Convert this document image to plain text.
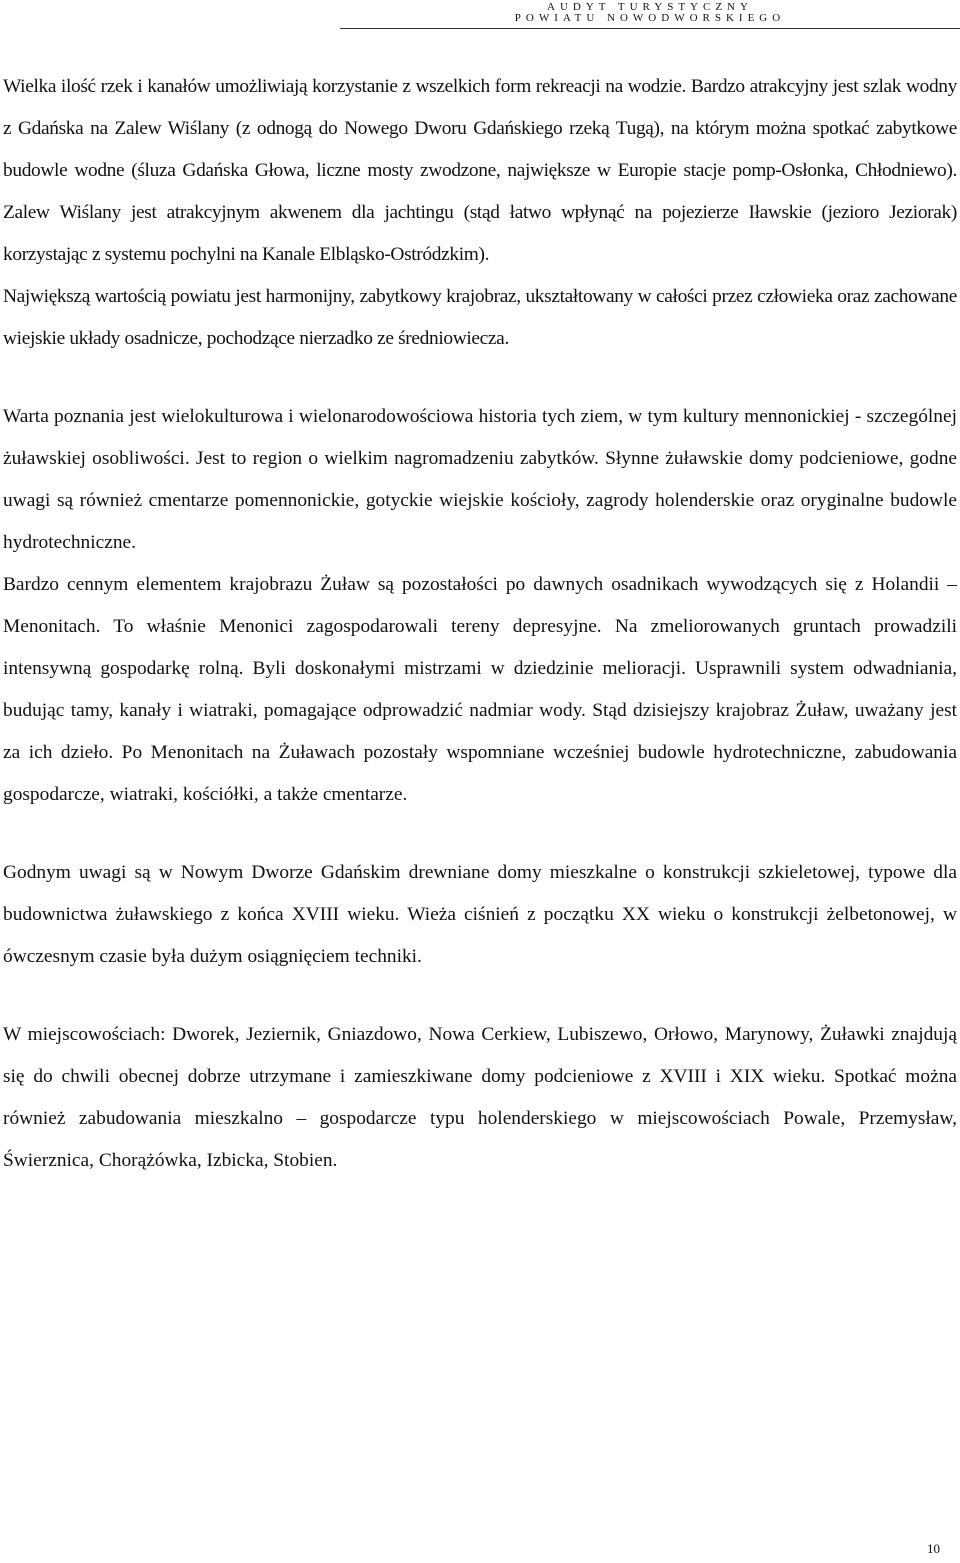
AUDYT TURYSTYCZNY
POWIATU NOWODWORSKIEGO

Wielka ilość rzek i kanałów umożliwiają korzystanie z wszelkich form rekreacji na wodzie. Bardzo atrakcyjny jest szlak wodny z Gdańska na Zalew Wiślany (z odnogą do Nowego Dworu Gdańskiego rzeką Tugą), na którym można spotkać zabytkowe budowle wodne (śluza Gdańska Głowa, liczne mosty zwodzone, największe w Europie stacje pomp-Osłonka, Chłodniewo). Zalew Wiślany jest atrakcyjnym akwenem dla jachtingu (stąd łatwo wpłynąć na pojezierze Iławskie (jezioro Jeziorak) korzystając z systemu pochylni na Kanale Elbląsko-Ostródzkim).

Największą wartością powiatu jest harmonijny, zabytkowy krajobraz, ukształtowany w całości przez człowieka oraz zachowane wiejskie układy osadnicze, pochodzące nierzadko ze średniowiecza.

Warta poznania jest wielokulturowa i wielonarodowościowa historia tych ziem, w tym kultury mennonickiej - szczególnej żuławskiej osobliwości. Jest to region o wielkim nagromadzeniu zabytków. Słynne żuławskie domy podcieniowe, godne uwagi są również cmentarze pomennonickie, gotyckie wiejskie kościoły, zagrody holenderskie oraz oryginalne budowle hydrotechniczne.

Bardzo cennym elementem krajobrazu Żuław są pozostałości po dawnych osadnikach wywodzących się z Holandii – Menonitach. To właśnie Menonici zagospodarowali tereny depresyjne. Na zmeliorowanych gruntach prowadzili intensywną gospodarkę rolną. Byli doskonałymi mistrzami w dziedzinie melioracji. Usprawnili system odwadniania, budując tamy, kanały i wiatraki, pomagające odprowadzić nadmiar wody. Stąd dzisiejszy krajobraz Żuław, uważany jest za ich dzieło. Po Menonitach na Żuławach pozostały wspomniane wcześniej budowle hydrotechniczne, zabudowania gospodarcze, wiatraki, kościółki, a także cmentarze.

Godnym uwagi są w Nowym Dworze Gdańskim drewniane domy mieszkalne o konstrukcji szkieletowej, typowe dla budownictwa żuławskiego z końca XVIII wieku. Wieża ciśnień z początku XX wieku o konstrukcji żelbetonowej, w ówczesnym czasie była dużym osiągnięciem techniki.

W miejscowościach: Dworek, Jeziernik, Gniazdowo, Nowa Cerkiew, Lubiszewo, Orłowo, Marynowy, Żuławki znajdują się do chwili obecnej dobrze utrzymane i zamieszkiwane domy podcieniowe z XVIII i XIX wieku. Spotkać można również zabudowania mieszkalno – gospodarcze typu holenderskiego w miejscowościach Powale, Przemysław, Świerznica, Chorążówka, Izbicka, Stobien.

10
